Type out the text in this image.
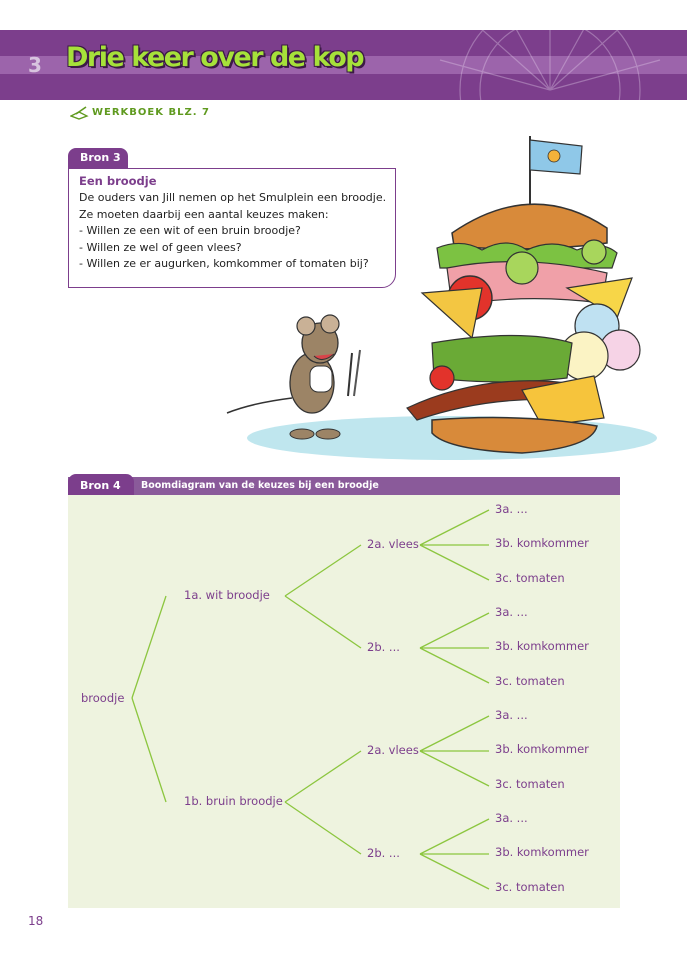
3 Drie keer over de kop
WERKBOEK BLZ. 7
Bron 3
Een broodje
De ouders van Jill nemen op het Smulplein een broodje.
Ze moeten daarbij een aantal keuzes maken:
- Willen ze een wit of een bruin broodje?
- Willen ze wel of geen vlees?
- Willen ze er augurken, komkommer of tomaten bij?
Bron 4	Boomdiagram van de keuzes bij een broodje
broodje
1a. wit broodje
1b. bruin broodje
2a. vlees
2b. ...
2a. vlees
2b. ...
3a. ...
3b. komkommer
3c. tomaten
3a. ...
3b. komkommer
3c. tomaten
3a. ...
3b. komkommer
3c. tomaten
3a. ...
3b. komkommer
3c. tomaten
18
